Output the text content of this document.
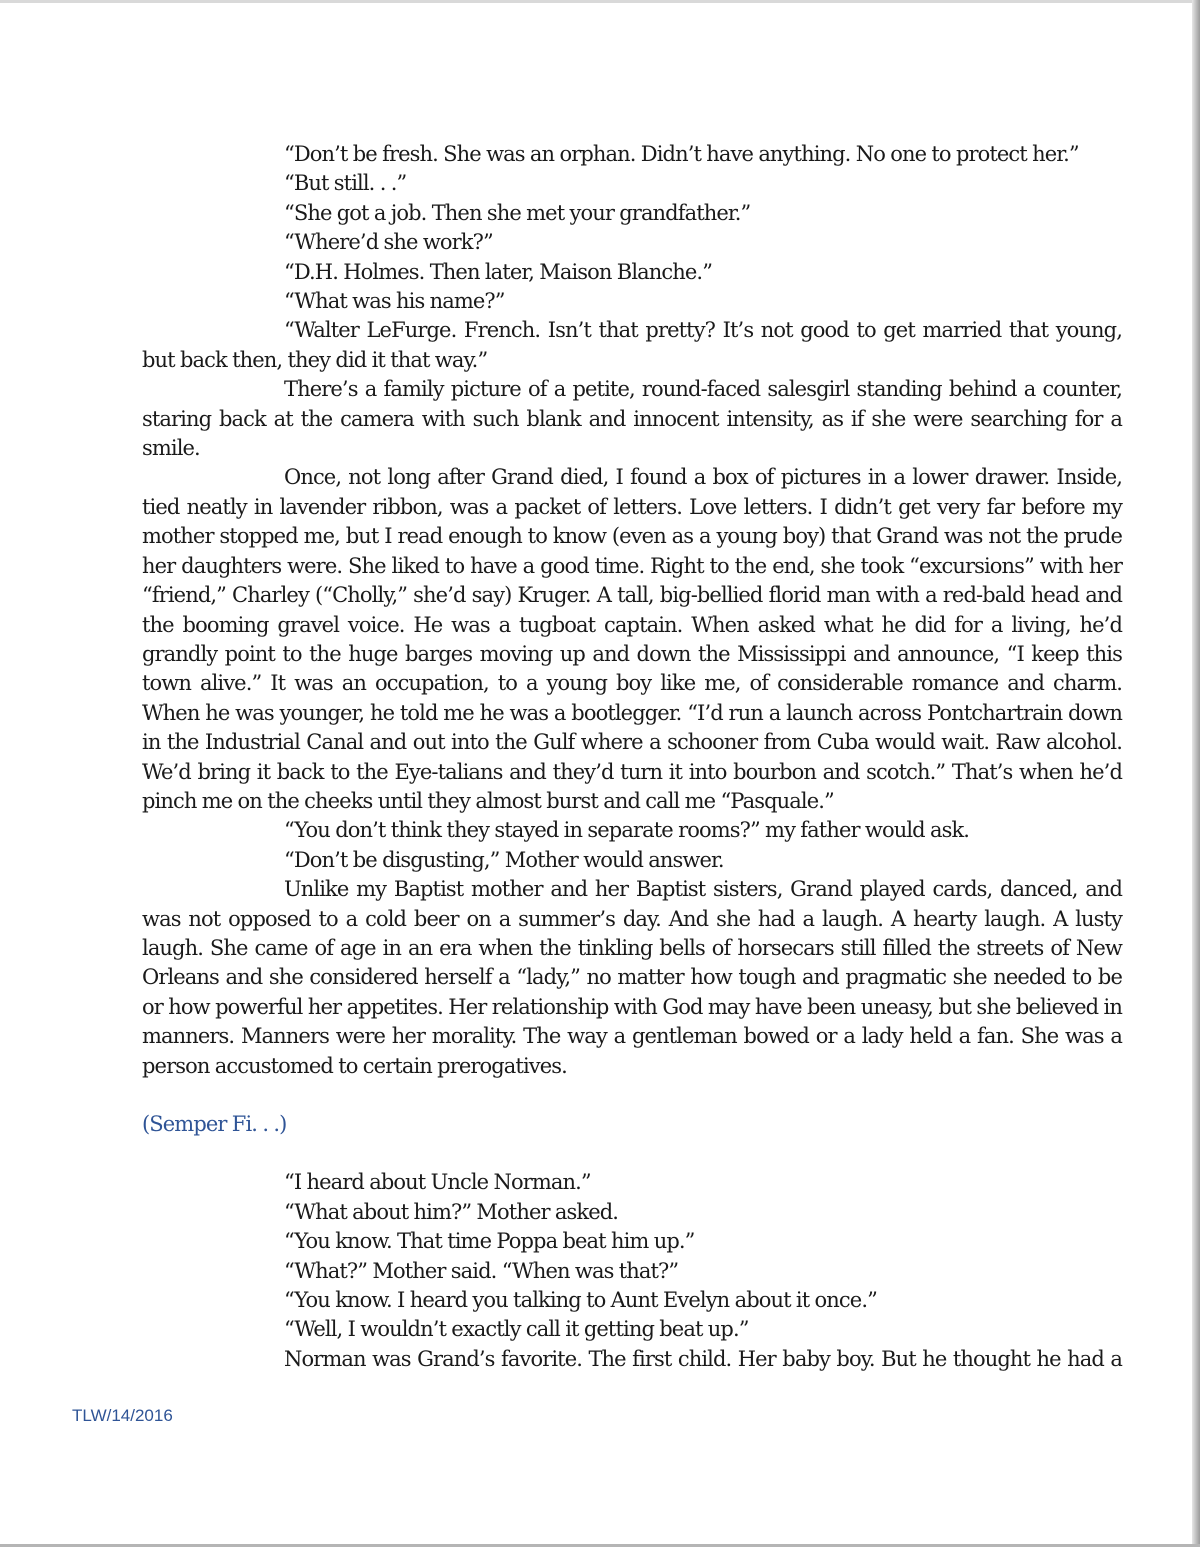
“Don’t be fresh. She was an orphan. Didn’t have anything. No one to protect her.”

“But still. . .”

“She got a job. Then she met your grandfather.”

“Where’d she work?”

“D.H. Holmes. Then later, Maison Blanche.”

“What was his name?”

“Walter LeFurge. French. Isn’t that pretty? It’s not good to get married that young, but back then, they did it that way.”

There’s a family picture of a petite, round-faced salesgirl standing behind a counter, staring back at the camera with such blank and innocent intensity, as if she were searching for a smile.

Once, not long after Grand died, I found a box of pictures in a lower drawer. Inside, tied neatly in lavender ribbon, was a packet of letters. Love letters. I didn’t get very far before my mother stopped me, but I read enough to know (even as a young boy) that Grand was not the prude her daughters were. She liked to have a good time. Right to the end, she took “excursions” with her “friend,” Charley (“Cholly,” she’d say) Kruger. A tall, big-bellied florid man with a red-bald head and the booming gravel voice. He was a tugboat captain. When asked what he did for a living, he’d grandly point to the huge barges moving up and down the Mississippi and announce, “I keep this town alive.” It was an occupation, to a young boy like me, of considerable romance and charm. When he was younger, he told me he was a bootlegger. “I’d run a launch across Pontchartrain down in the Industrial Canal and out into the Gulf where a schooner from Cuba would wait. Raw alcohol. We’d bring it back to the Eye-talians and they’d turn it into bourbon and scotch.” That’s when he’d pinch me on the cheeks until they almost burst and call me “Pasquale.”

“You don’t think they stayed in separate rooms?” my father would ask.

“Don’t be disgusting,” Mother would answer.

Unlike my Baptist mother and her Baptist sisters, Grand played cards, danced, and was not opposed to a cold beer on a summer’s day. And she had a laugh. A hearty laugh. A lusty laugh. She came of age in an era when the tinkling bells of horsecars still filled the streets of New Orleans and she considered herself a “lady,” no matter how tough and pragmatic she needed to be or how powerful her appetites. Her relationship with God may have been uneasy, but she believed in manners. Manners were her morality. The way a gentleman bowed or a lady held a fan. She was a person accustomed to certain prerogatives.

(Semper Fi. . .)

“I heard about Uncle Norman.”

“What about him?” Mother asked.

“You know. That time Poppa beat him up.”

“What?” Mother said. “When was that?”

“You know. I heard you talking to Aunt Evelyn about it once.”

“Well, I wouldn’t exactly call it getting beat up.”

Norman was Grand’s favorite. The first child. Her baby boy. But he thought he had a

TLW/14/2016
